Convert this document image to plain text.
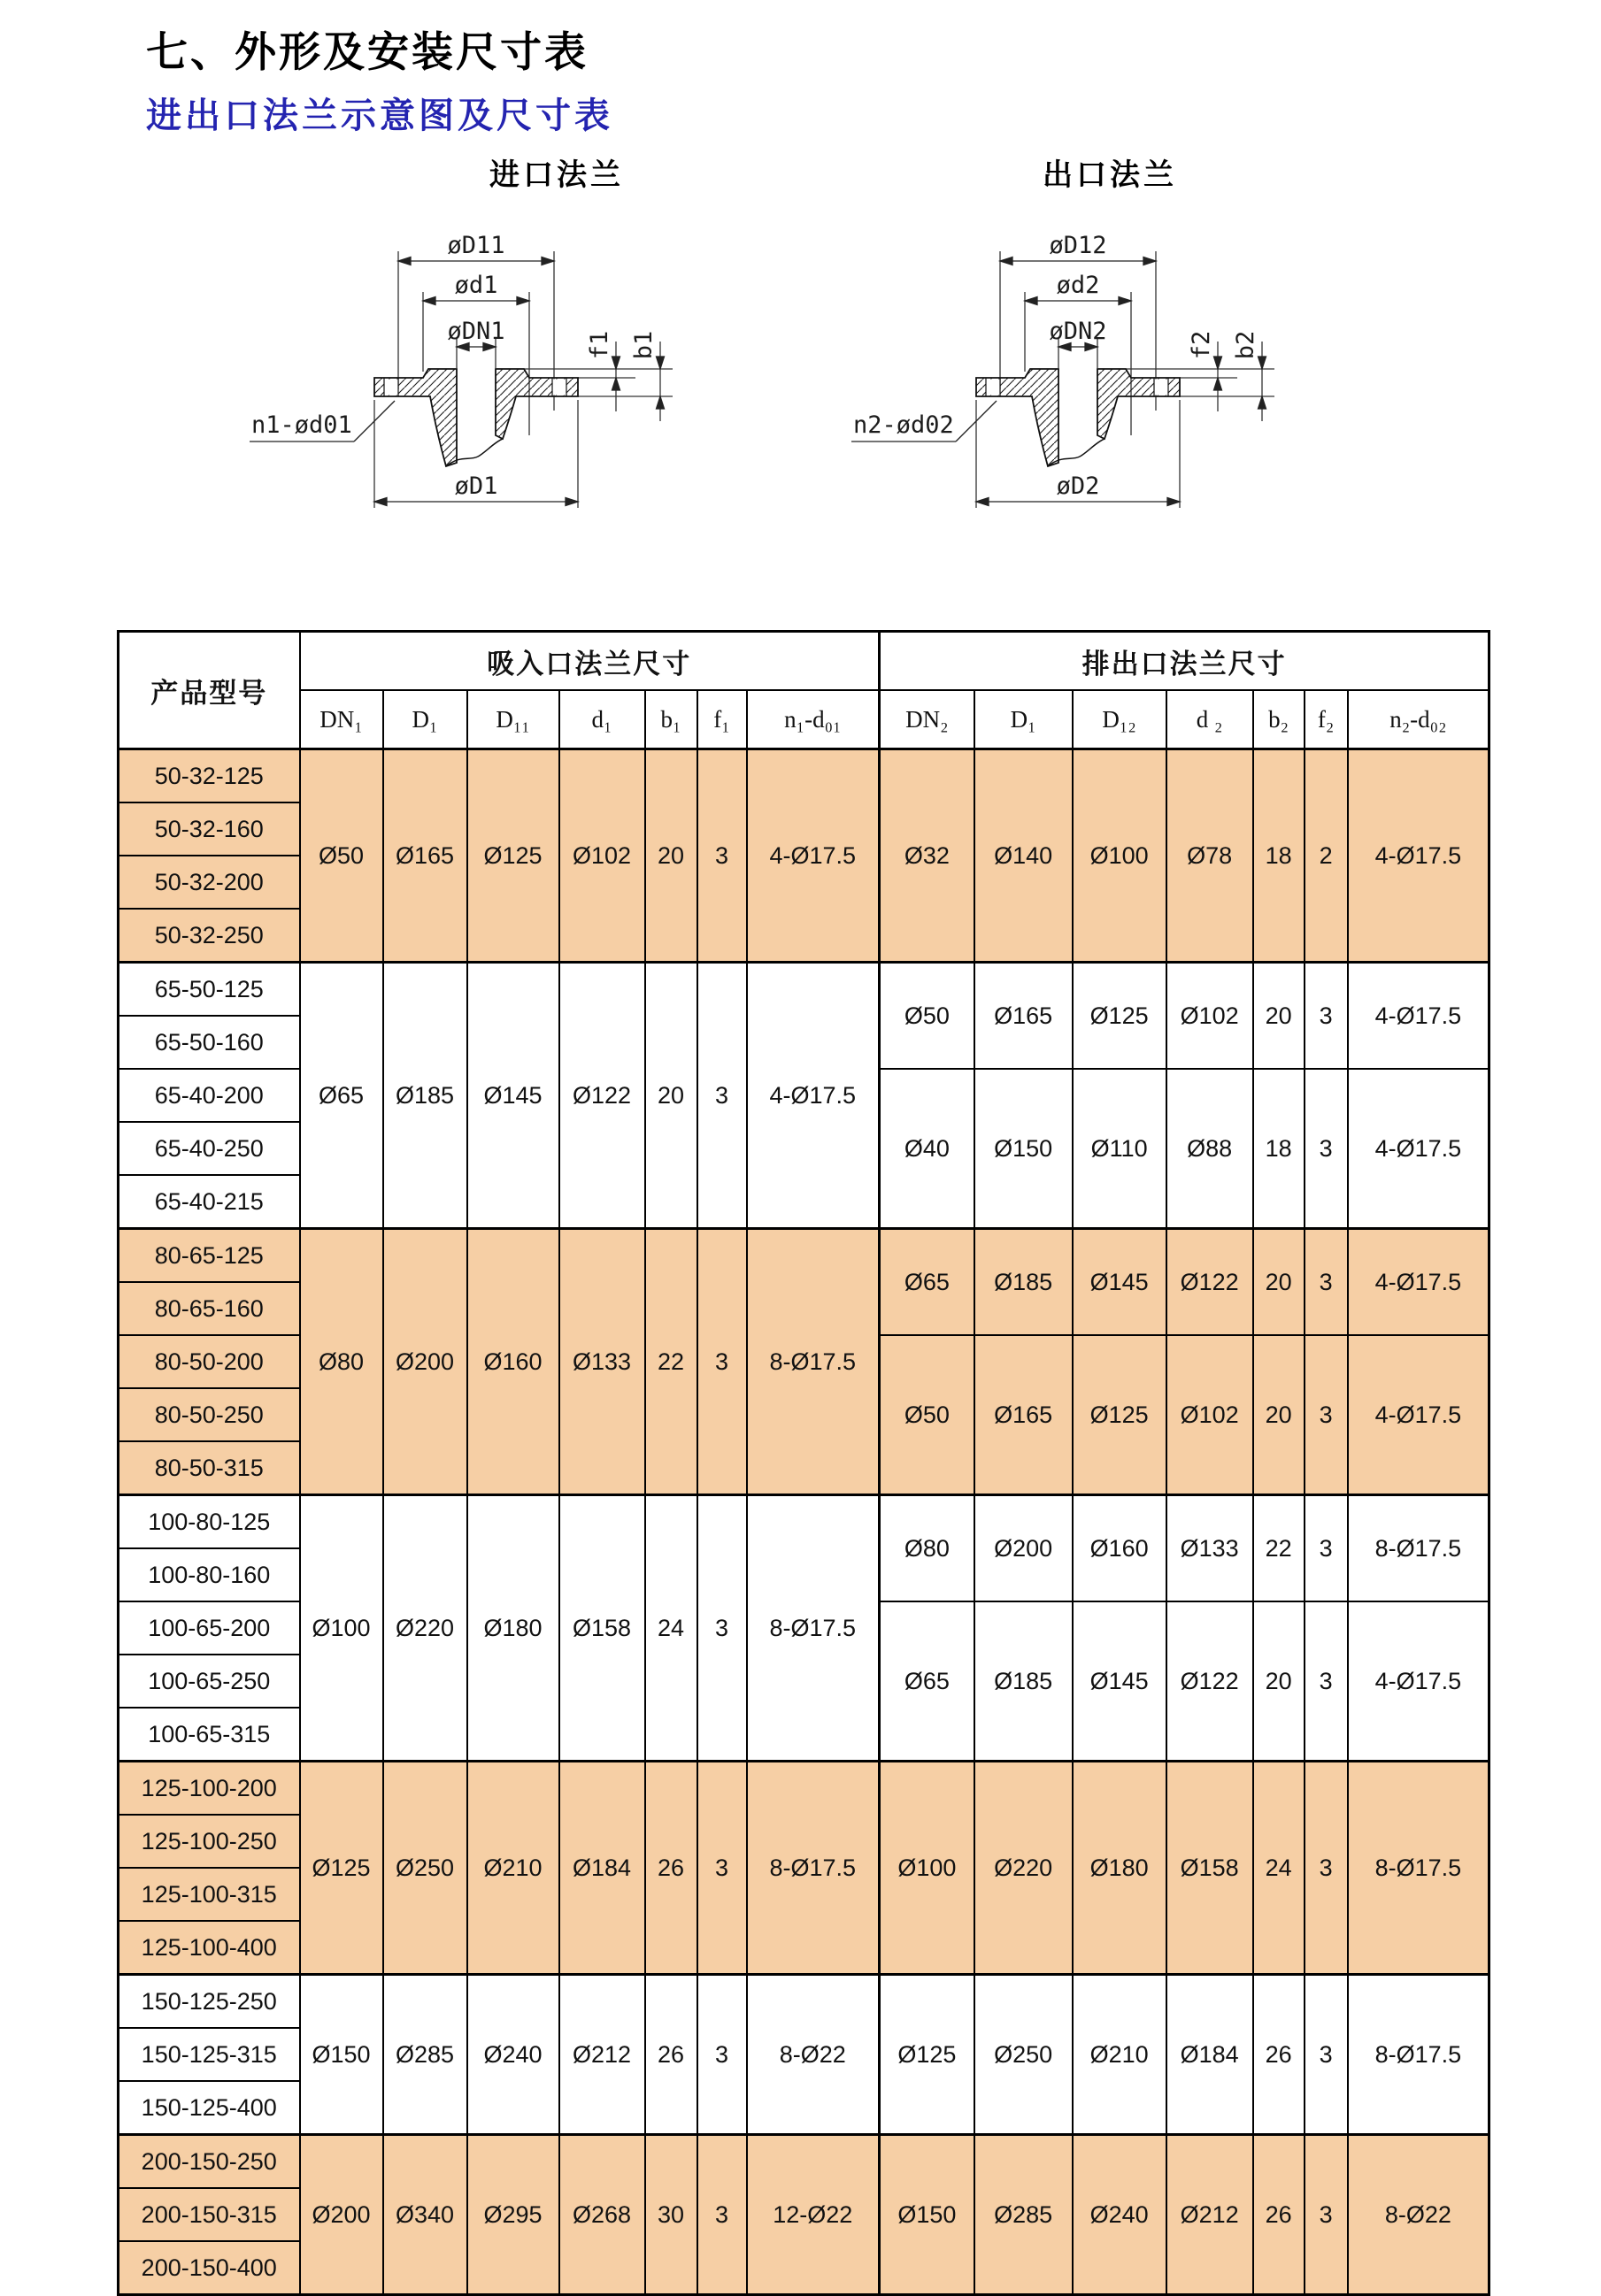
七、外形及安装尺寸表
进出口法兰示意图及尺寸表
进口法兰	出口法兰
øD11
ød1
øDN1
øD1
f1 b1
n1-ød01
øD12
ød2
øDN2
øD2
f2 b2
n2-ød02
产品型号	吸入口法兰尺寸							排出口法兰尺寸						
	DN₁	D₁	D₁₁	d₁	b₁	f₁	n₁-d₀₁	DN₂	D₁	D₁₂	d ₂	b₂	f₂	n₂-d₀₂
50-32-125	Ø50	Ø165	Ø125	Ø102	20	3	4-Ø17.5	Ø32	Ø140	Ø100	Ø78	18	2	4-Ø17.5
50-32-160														
50-32-200														
50-32-250														
65-50-125	Ø65	Ø185	Ø145	Ø122	20	3	4-Ø17.5	Ø50	Ø165	Ø125	Ø102	20	3	4-Ø17.5
65-50-160														
65-40-200								Ø40	Ø150	Ø110	Ø88	18	3	4-Ø17.5
65-40-250														
65-40-215														
80-65-125	Ø80	Ø200	Ø160	Ø133	22	3	8-Ø17.5	Ø65	Ø185	Ø145	Ø122	20	3	4-Ø17.5
80-65-160														
80-50-200								Ø50	Ø165	Ø125	Ø102	20	3	4-Ø17.5
80-50-250														
80-50-315														
100-80-125	Ø100	Ø220	Ø180	Ø158	24	3	8-Ø17.5	Ø80	Ø200	Ø160	Ø133	22	3	8-Ø17.5
100-80-160														
100-65-200								Ø65	Ø185	Ø145	Ø122	20	3	4-Ø17.5
100-65-250														
100-65-315														
125-100-200	Ø125	Ø250	Ø210	Ø184	26	3	8-Ø17.5	Ø100	Ø220	Ø180	Ø158	24	3	8-Ø17.5
125-100-250														
125-100-315														
125-100-400														
150-125-250	Ø150	Ø285	Ø240	Ø212	26	3	8-Ø22	Ø125	Ø250	Ø210	Ø184	26	3	8-Ø17.5
150-125-315														
150-125-400														
200-150-250	Ø200	Ø340	Ø295	Ø268	30	3	12-Ø22	Ø150	Ø285	Ø240	Ø212	26	3	8-Ø22
200-150-315														
200-150-400														
